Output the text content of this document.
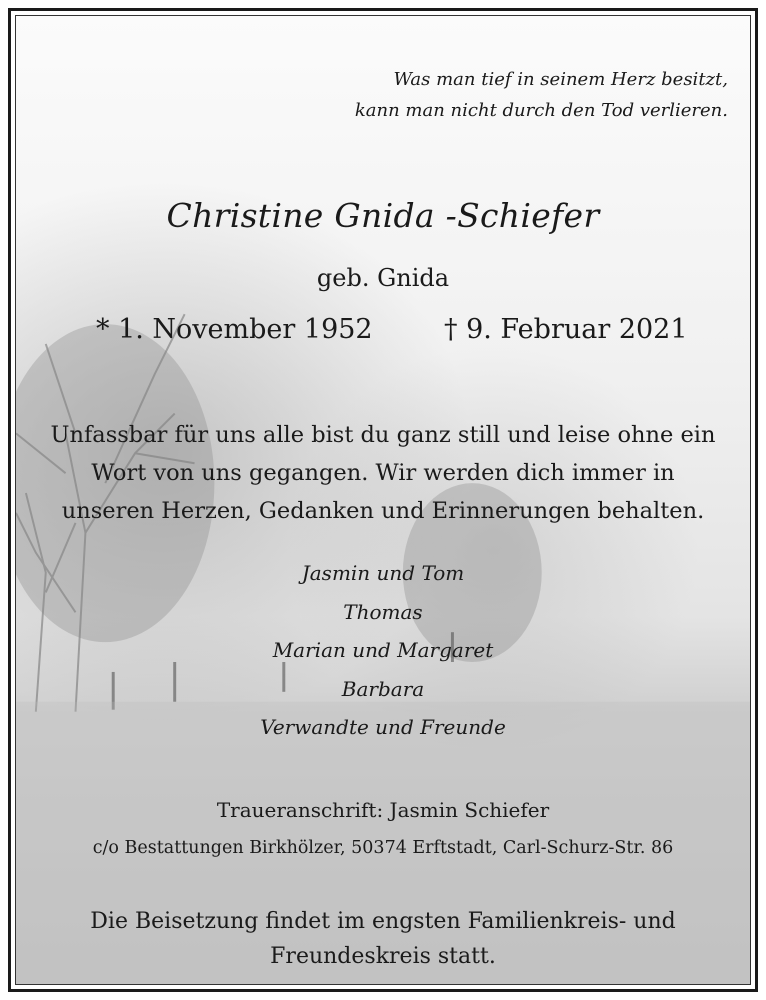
Was man tief in seinem Herz besitzt,
kann man nicht durch den Tod verlieren.

Christine Gnida -Schiefer

geb. Gnida

* 1. November 1952	† 9. Februar 2021
Unfassbar für uns alle bist du ganz still und leise ohne ein
Wort von uns gegangen. Wir werden dich immer in
unseren Herzen, Gedanken und Erinnerungen behalten.
Jasmin und Tom
Thomas
Marian und Margaret
Barbara
Verwandte und Freunde

Traueranschrift: Jasmin Schiefer

c/o Bestattungen Birkhölzer, 50374 Erftstadt, Carl-Schurz-Str. 86

Die Beisetzung findet im engsten Familienkreis- und
Freundeskreis statt.
